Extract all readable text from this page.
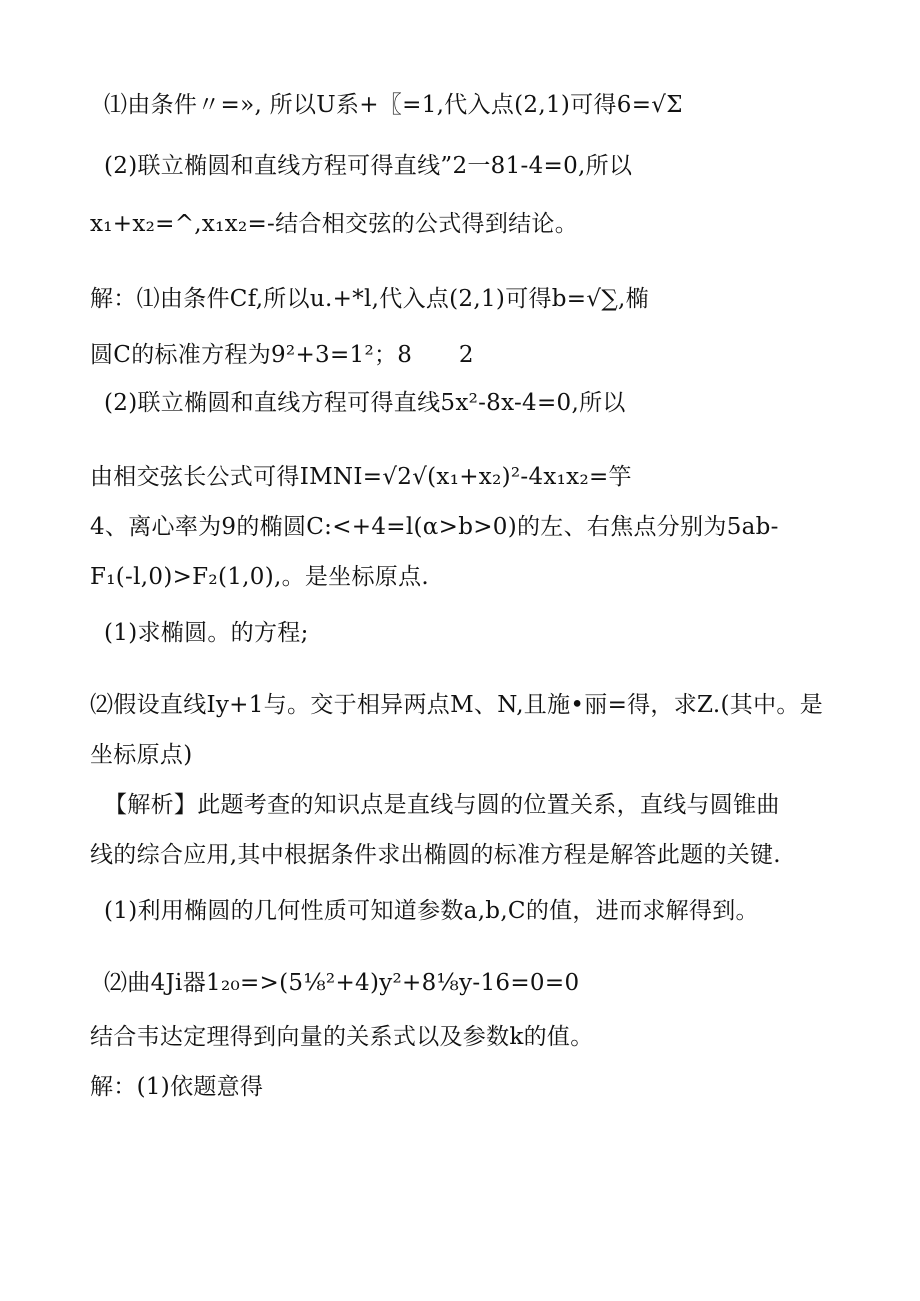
⑴由条件〃=», 所以U系+〖=1,代入点(2,1)可得6=√Σ
(2)联立椭圆和直线方程可得直线”2一81-4=0,所以
x₁+x₂=^,x₁x₂=-结合相交弦的公式得到结论。
解：⑴由条件Cf,所以u.+*l,代入点(2,1)可得b=√∑,椭
圆C的标准方程为9²+3=1²；8　　2
(2)联立椭圆和直线方程可得直线5x²-8x-4=0,所以
由相交弦长公式可得IMNI=√2√(x₁+x₂)²-4x₁x₂=竽
4、离心率为9的椭圆C:<+4=l(α>b>0)的左、右焦点分别为5ab-
F₁(-l,0)>F₂(1,0),。是坐标原点.
(1)求椭圆。的方程;
⑵假设直线Iy+1与。交于相异两点M、N,且施•丽=得，求Z.(其中。是
坐标原点)
【解析】此题考查的知识点是直线与圆的位置关系，直线与圆锥曲
线的综合应用,其中根据条件求出椭圆的标准方程是解答此题的关键.
(1)利用椭圆的几何性质可知道参数a,b,C的值，进而求解得到。
⑵曲4Ji器1₂₀=>(5⅛²+4)y²+8⅛y-16=0=0
结合韦达定理得到向量的关系式以及参数k的值。
解：(1)依题意得
